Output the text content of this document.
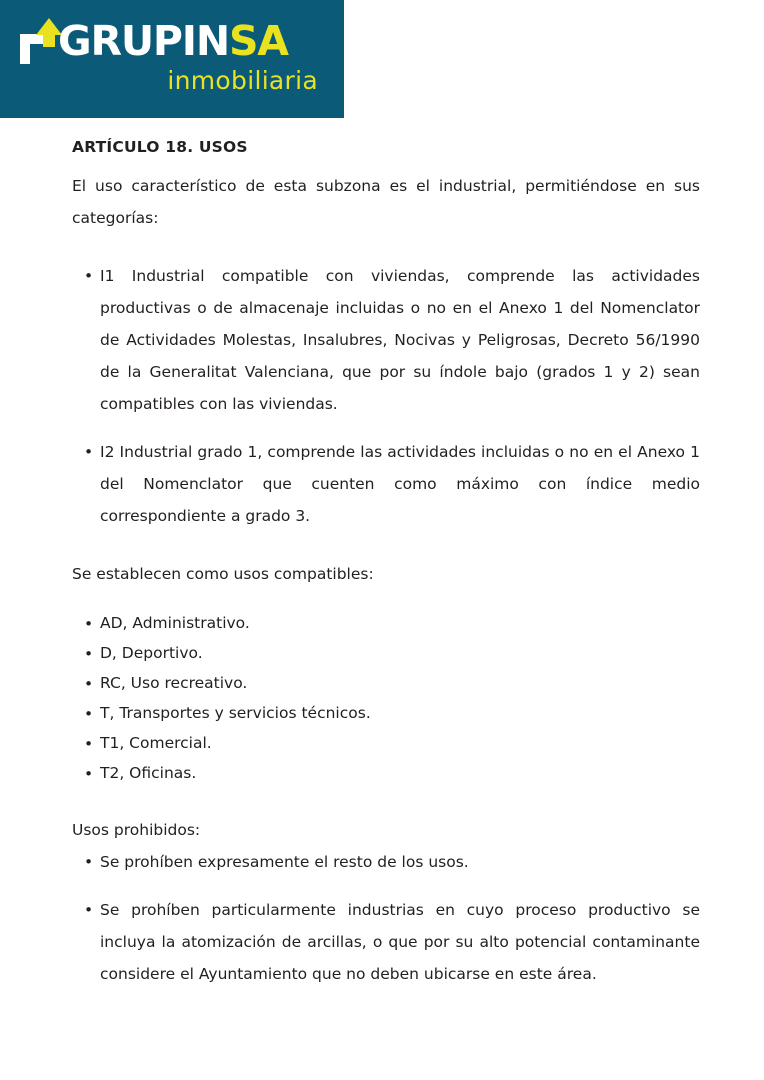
GRUPINSA
inmobiliaria
ARTÍCULO 18. USOS

El uso característico de esta subzona es el industrial, permitiéndose en sus categorías:

• I1 Industrial compatible con viviendas, comprende las actividades productivas o de almacenaje incluidas o no en el Anexo 1 del Nomenclator de Actividades Molestas, Insalubres, Nocivas y Peligrosas, Decreto 56/1990 de la Generalitat Valenciana, que por su índole bajo (grados 1 y 2) sean compatibles con las viviendas.
• I2 Industrial grado 1, comprende las actividades incluidas o no en el Anexo 1 del Nomenclator que cuenten como máximo con índice medio correspondiente a grado 3.

Se establecen como usos compatibles:

• AD, Administrativo.
• D, Deportivo.
• RC, Uso recreativo.
• T, Transportes y servicios técnicos.
• T1, Comercial.
• T2, Oficinas.

Usos prohibidos:

• Se prohíben expresamente el resto de los usos.
• Se prohíben particularmente industrias en cuyo proceso productivo se incluya la atomización de arcillas, o que por su alto potencial contaminante considere el Ayuntamiento que no deben ubicarse en este área.
